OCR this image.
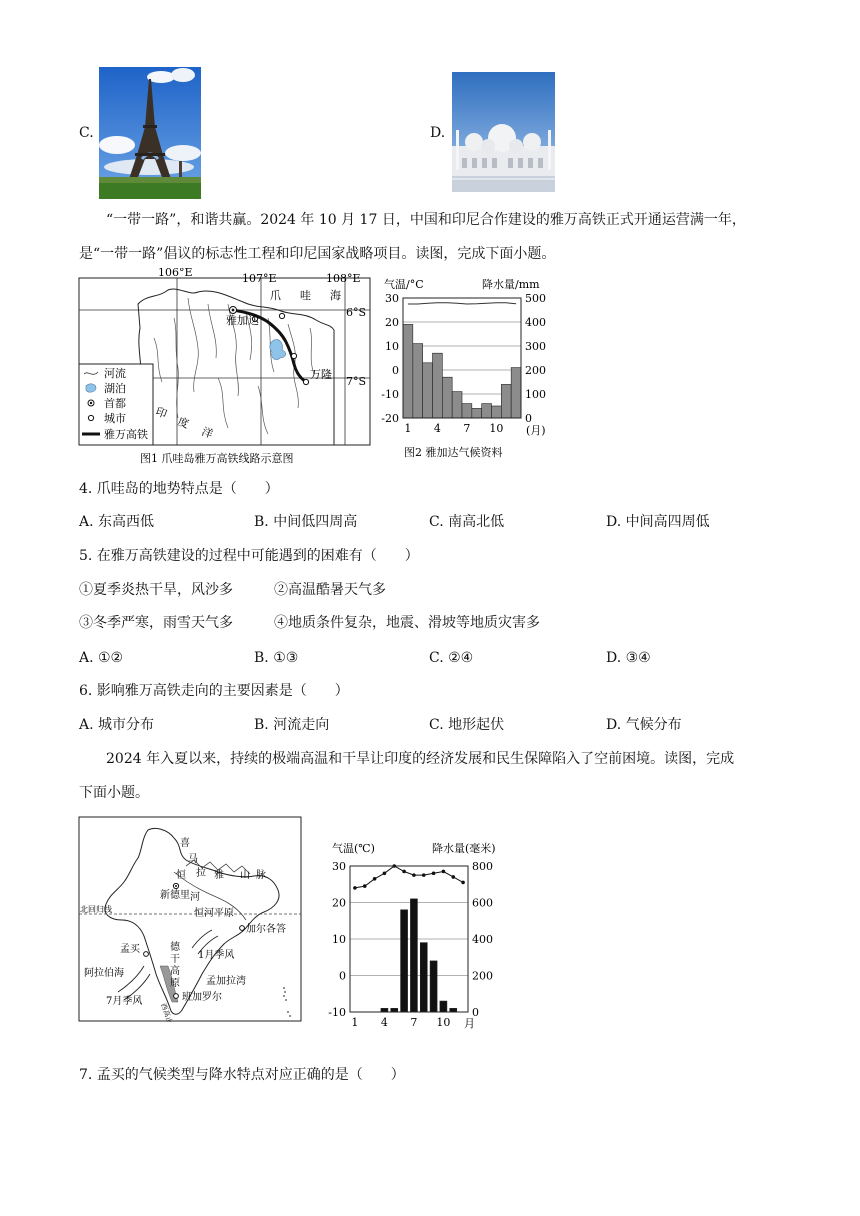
C.	D.
“一带一路”，和谐共赢。2024 年 10 月 17 日，中国和印尼合作建设的雅万高铁正式开通运营满一年，
是“一带一路”倡议的标志性工程和印尼国家战略项目。读图，完成下面小题。
106°E	107°E	108°E
6°S
7°S
雅加达
万隆
爪 哇 海
印
度
洋
河流
湖泊
首都
城市
雅万高铁
图1 爪哇岛雅万高铁线路示意图
气温/°C	降水量/mm
30
20
10
0
-10
-20
500
400
300
200
100
0
1 4 7 10 (月)
图2 雅加达气候资料
4. 爪哇岛的地势特点是（　　）
A. 东高西低	B. 中间低四周高	C. 南高北低	D. 中间高四周低
5. 在雅万高铁建设的过程中可能遇到的困难有（　　）
①夏季炎热干旱，风沙多	②高温酷暑天气多
③冬季严寒，雨雪天气多	④地质条件复杂，地震、滑坡等地质灾害多
A. ①②	B. ①③	C. ②④	D. ③④
6. 影响雅万高铁走向的主要因素是（　　）
A. 城市分布	B. 河流走向	C. 地形起伏	D. 气候分布
2024 年入夏以来，持续的极端高温和干旱让印度的经济发展和民生保障陷入了空前困境。读图，完成
下面小题。
喜
马
拉 雅 山 脉
恒
河
新德里
恒河平原
北回归线
加尔各答
孟买
阿拉伯海
德
干
高
原
1月季风
7月季风
孟加拉湾
班加罗尔
西高止山脉
气温(℃)	降水量(毫米)
30
20
10
0
-10
800
600
400
200
0
1 4 7 10 月
7. 孟买的气候类型与降水特点对应正确的是（　　）
